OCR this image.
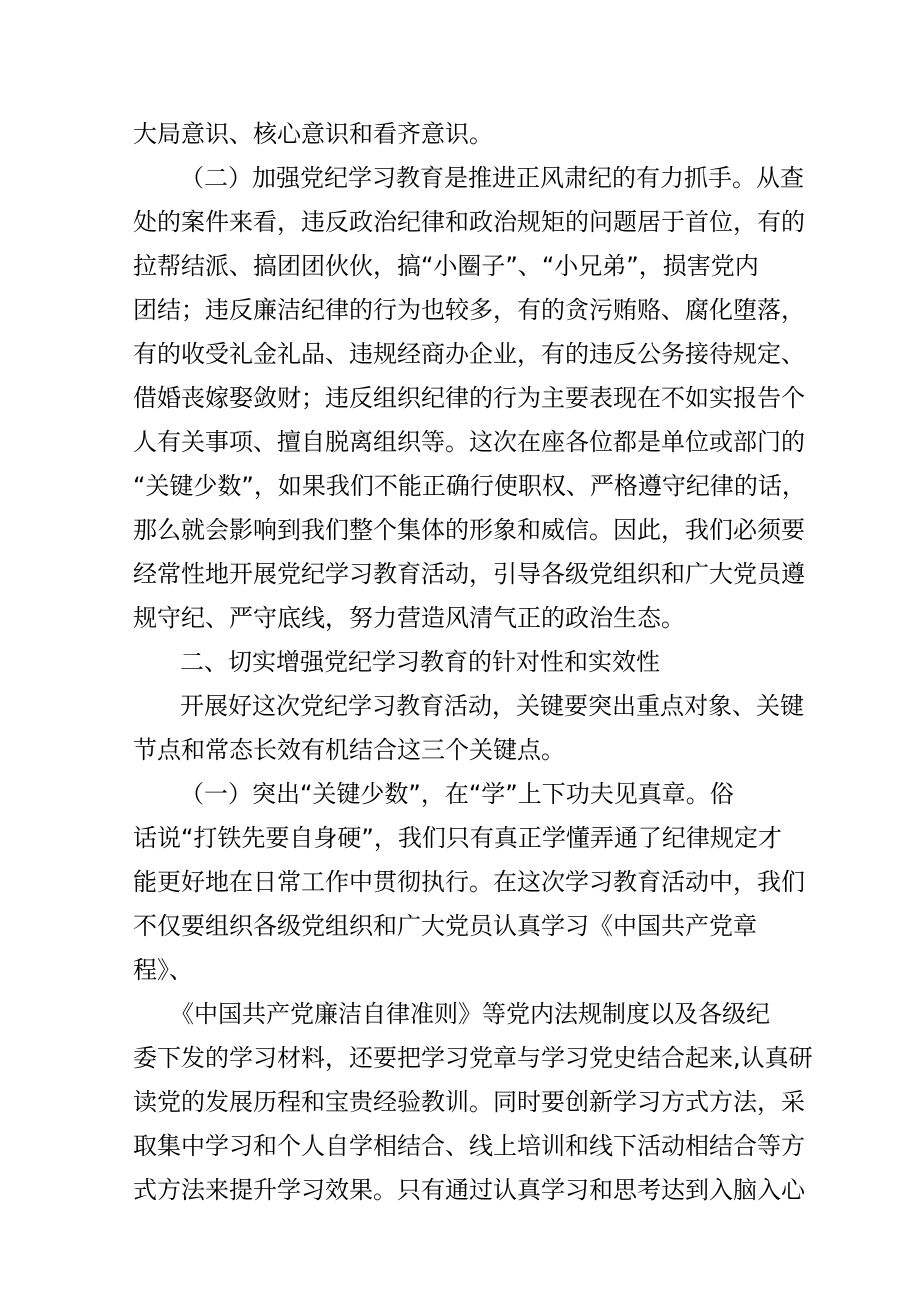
大局意识、核心意识和看齐意识。
（二）加强党纪学习教育是推进正风肃纪的有力抓手。从查
处的案件来看，违反政治纪律和政治规矩的问题居于首位，有的
拉帮结派、搞团团伙伙，搞“小圈子”、“小兄弟”，损害党内
团结；违反廉洁纪律的行为也较多，有的贪污贿赂、腐化堕落，
有的收受礼金礼品、违规经商办企业，有的违反公务接待规定、
借婚丧嫁娶敛财；违反组织纪律的行为主要表现在不如实报告个
人有关事项、擅自脱离组织等。这次在座各位都是单位或部门的
“关键少数”，如果我们不能正确行使职权、严格遵守纪律的话，
那么就会影响到我们整个集体的形象和威信。因此，我们必须要
经常性地开展党纪学习教育活动，引导各级党组织和广大党员遵
规守纪、严守底线，努力营造风清气正的政治生态。
二、切实增强党纪学习教育的针对性和实效性
开展好这次党纪学习教育活动，关键要突出重点对象、关键
节点和常态长效有机结合这三个关键点。
（一）突出“关键少数”，在“学”上下功夫见真章。俗
话说“打铁先要自身硬”，我们只有真正学懂弄通了纪律规定才
能更好地在日常工作中贯彻执行。在这次学习教育活动中，我们
不仅要组织各级党组织和广大党员认真学习《中国共产党章
程》、
《中国共产党廉洁自律准则》等党内法规制度以及各级纪
委下发的学习材料，还要把学习党章与学习党史结合起来,认真研
读党的发展历程和宝贵经验教训。同时要创新学习方式方法，采
取集中学习和个人自学相结合、线上培训和线下活动相结合等方
式方法来提升学习效果。只有通过认真学习和思考达到入脑入心
